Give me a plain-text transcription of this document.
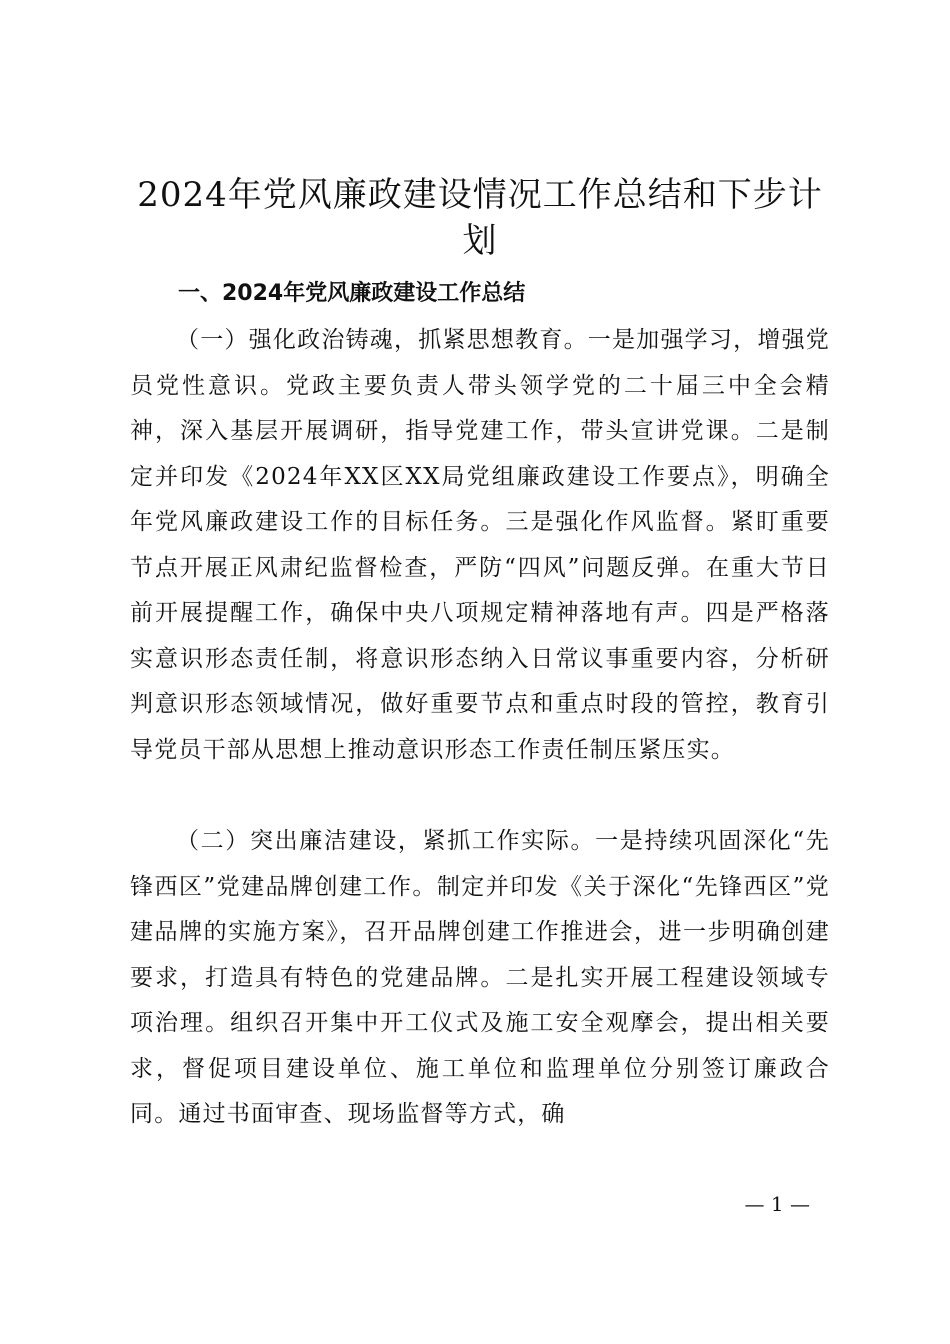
2024年党风廉政建设情况工作总结和下步计划
一、2024年党风廉政建设工作总结

（一）强化政治铸魂，抓紧思想教育。一是加强学习，增强党员党性意识。党政主要负责人带头领学党的二十届三中全会精神，深入基层开展调研，指导党建工作，带头宣讲党课。二是制定并印发《2024年XX区XX局党组廉政建设工作要点》，明确全年党风廉政建设工作的目标任务。三是强化作风监督。紧盯重要节点开展正风肃纪监督检查，严防“四风”问题反弹。在重大节日前开展提醒工作，确保中央八项规定精神落地有声。四是严格落实意识形态责任制，将意识形态纳入日常议事重要内容，分析研判意识形态领域情况，做好重要节点和重点时段的管控，教育引导党员干部从思想上推动意识形态工作责任制压紧压实。

（二）突出廉洁建设，紧抓工作实际。一是持续巩固深化“先锋西区”党建品牌创建工作。制定并印发《关于深化“先锋西区”党建品牌的实施方案》，召开品牌创建工作推进会，进一步明确创建要求，打造具有特色的党建品牌。二是扎实开展工程建设领域专项治理。组织召开集中开工仪式及施工安全观摩会，提出相关要求，督促项目建设单位、施工单位和监理单位分别签订廉政合同。通过书面审查、现场监督等方式，确

— 1 —
